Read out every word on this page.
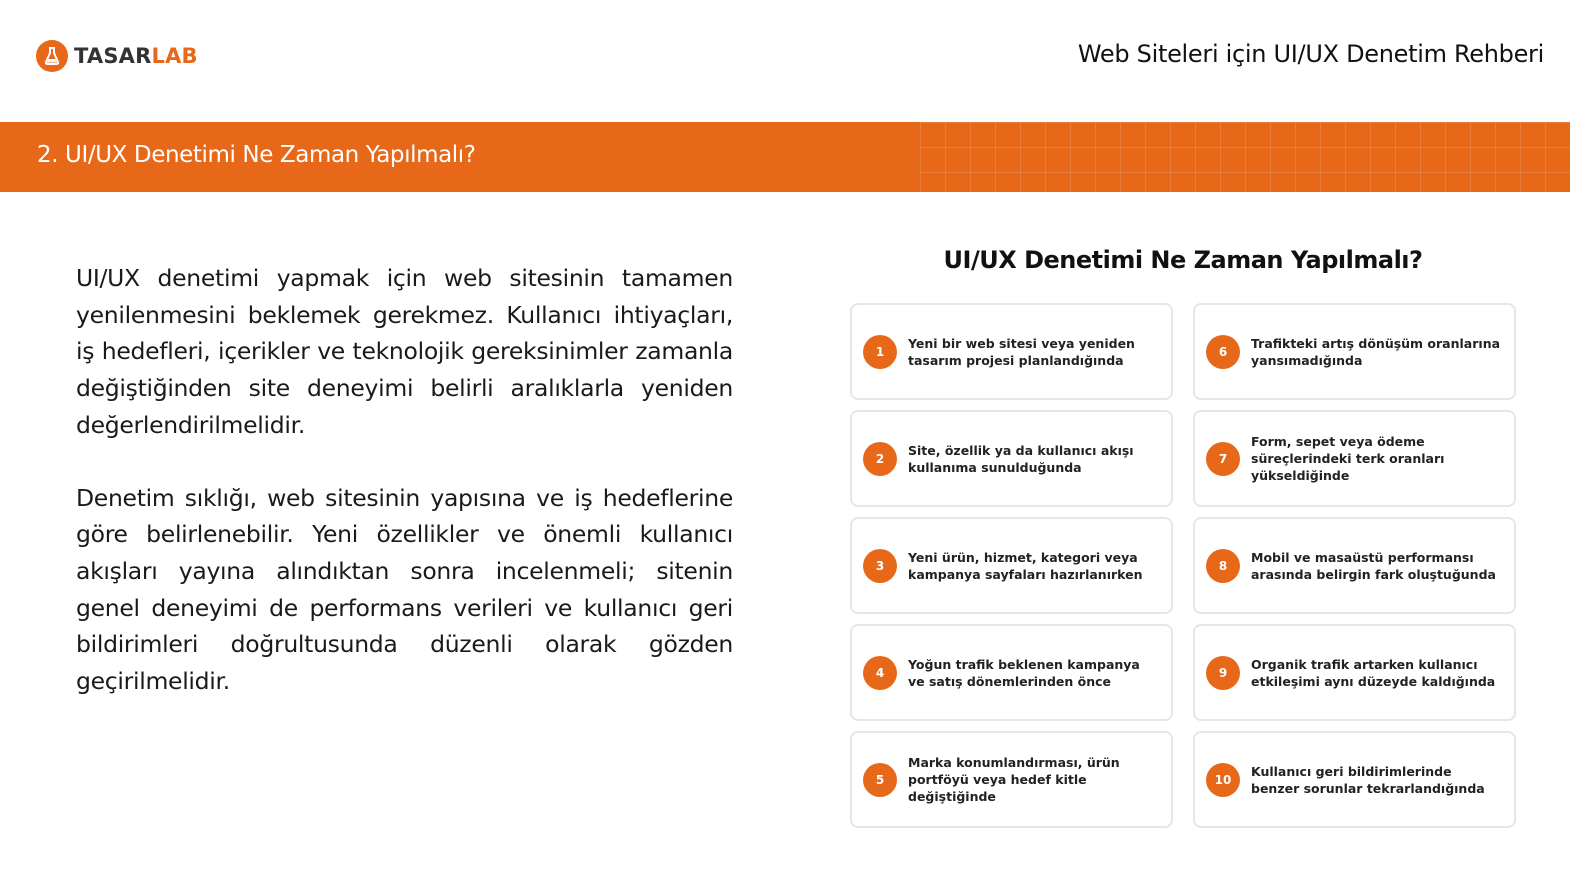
TASARLAB	Web Siteleri için UI/UX Denetim Rehberi
2. UI/UX Denetimi Ne Zaman Yapılmalı?

UI/UX denetimi yapmak için web sitesinin tamamen yenilenmesini beklemek gerekmez. Kullanıcı ihtiyaçları, iş hedefleri, içerikler ve teknolojik gereksinimler zamanla değiştiğinden site deneyimi belirli aralıklarla yeniden değerlendirilmelidir.

Denetim sıklığı, web sitesinin yapısına ve iş hedeflerine göre belirlenebilir. Yeni özellikler ve önemli kullanıcı akışları yayına alındıktan sonra incelenmeli; sitenin genel deneyimi de performans verileri ve kullanıcı geri bildirimleri doğrultusunda düzenli olarak gözden geçirilmelidir.

UI/UX Denetimi Ne Zaman Yapılmalı?
1
Yeni bir web sitesi veya yeniden tasarım projesi planlandığında
2
Site, özellik ya da kullanıcı akışı kullanıma sunulduğunda
3
Yeni ürün, hizmet, kategori veya kampanya sayfaları hazırlanırken
4
Yoğun trafik beklenen kampanya ve satış dönemlerinden önce
5
Marka konumlandırması, ürün portföyü veya hedef kitle değiştiğinde
6
Trafikteki artış dönüşüm oranlarına yansımadığında
7
Form, sepet veya ödeme süreçlerindeki terk oranları yükseldiğinde
8
Mobil ve masaüstü performansı arasında belirgin fark oluştuğunda
9
Organik trafik artarken kullanıcı etkileşimi aynı düzeyde kaldığında
10
Kullanıcı geri bildirimlerinde benzer sorunlar tekrarlandığında
